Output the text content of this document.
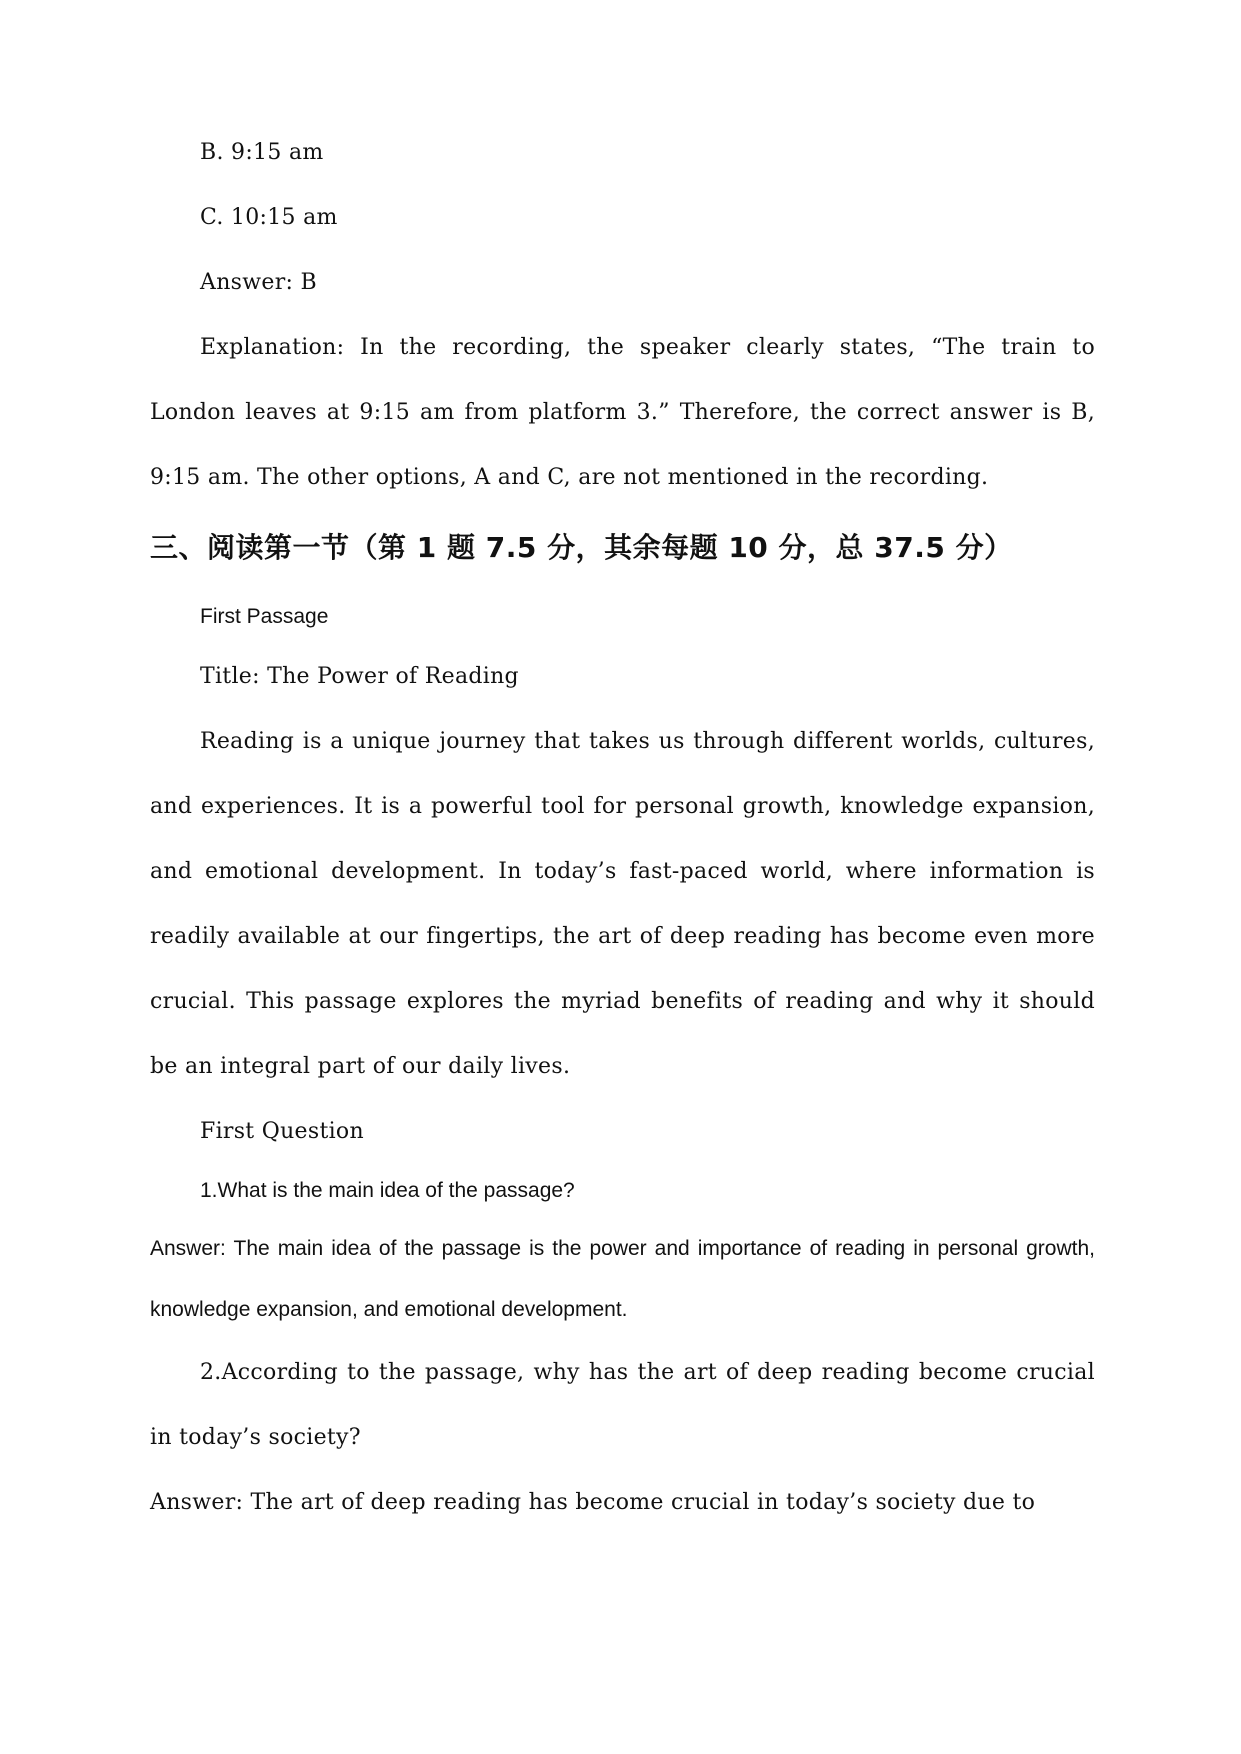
B. 9:15 am

C. 10:15 am

Answer: B

Explanation: In the recording, the speaker clearly states, “The train to London leaves at 9:15 am from platform 3.” Therefore, the correct answer is B, 9:15 am. The other options, A and C, are not mentioned in the recording.

三、阅读第一节（第 1 题 7.5 分，其余每题 10 分，总 37.5 分）

First Passage

Title: The Power of Reading

Reading is a unique journey that takes us through different worlds, cultures, and experiences. It is a powerful tool for personal growth, knowledge expansion, and emotional development. In today’s fast-paced world, where information is readily available at our fingertips, the art of deep reading has become even more crucial. This passage explores the myriad benefits of reading and why it should be an integral part of our daily lives.

First Question

1.What is the main idea of the passage?

Answer: The main idea of the passage is the power and importance of reading in personal growth, knowledge expansion, and emotional development.

2.According to the passage, why has the art of deep reading become crucial in today’s society?

Answer: The art of deep reading has become crucial in today’s society due to
